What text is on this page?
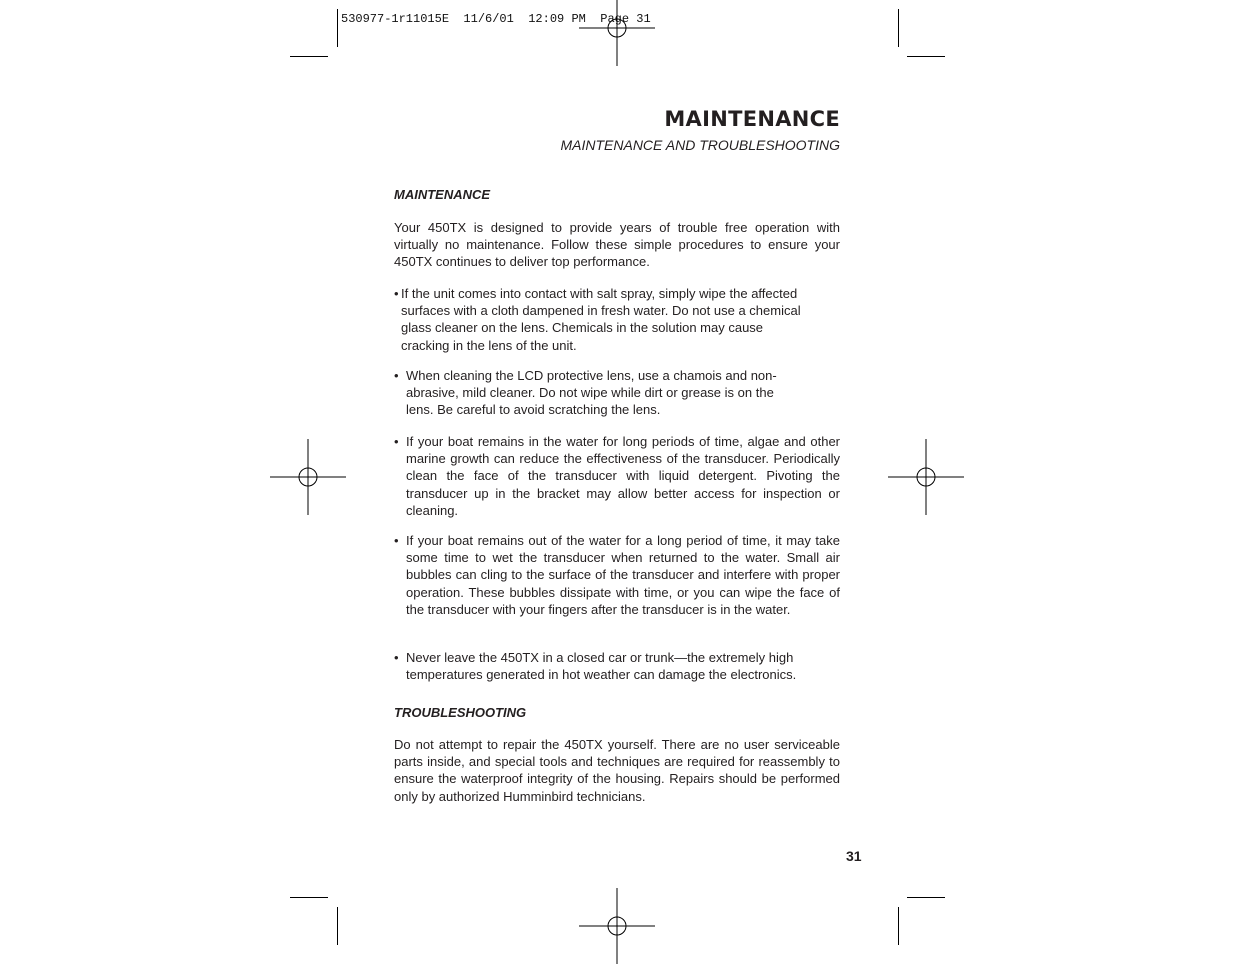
530977-1r11015E  11/6/01  12:09 PM  Page 31
MAINTENANCE
MAINTENANCE AND TROUBLESHOOTING
MAINTENANCE

Your 450TX is designed to provide years of trouble free operation with virtually no maintenance. Follow these simple procedures to ensure your 450TX continues to deliver top performance.

• If the unit comes into contact with salt spray, simply wipe the affected surfaces with a cloth dampened in fresh water. Do not use a chemical glass cleaner on the lens. Chemicals in the solution may cause cracking in the lens of the unit.
• When cleaning the LCD protective lens, use a chamois and non-abrasive, mild cleaner. Do not wipe while dirt or grease is on the lens. Be careful to avoid scratching the lens.
• If your boat remains in the water for long periods of time, algae and other marine growth can reduce the effectiveness of the transducer. Periodically clean the face of the transducer with liquid detergent. Pivoting the transducer up in the bracket may allow better access for inspection or cleaning.
• If your boat remains out of the water for a long period of time, it may take some time to wet the transducer when returned to the water. Small air bubbles can cling to the surface of the transducer and interfere with proper operation. These bubbles dissipate with time, or you can wipe the face of the transducer with your fingers after the transducer is in the water.
• Never leave the 450TX in a closed car or trunk—the extremely high temperatures generated in hot weather can damage the electronics.
TROUBLESHOOTING

Do not attempt to repair the 450TX yourself. There are no user serviceable parts inside, and special tools and techniques are required for reassembly to ensure the waterproof integrity of the housing. Repairs should be performed only by authorized Humminbird technicians.

31
